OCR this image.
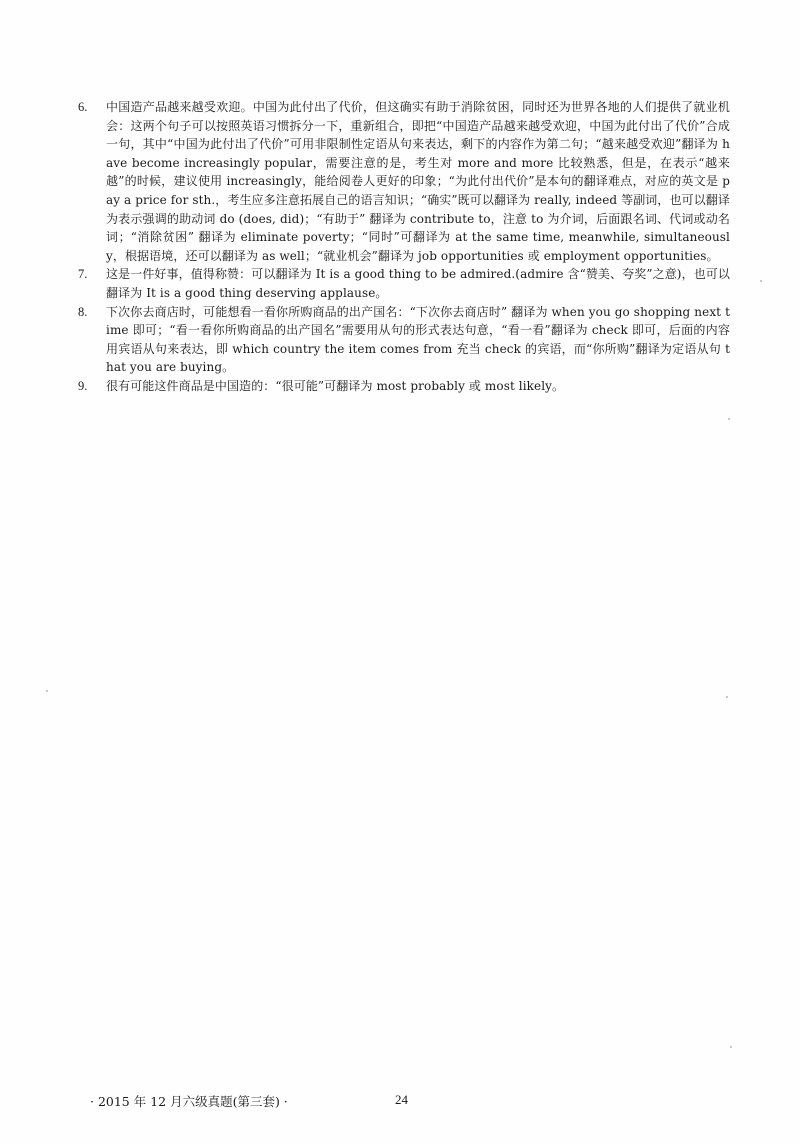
6.	中国造产品越来越受欢迎。中国为此付出了代价，但这确实有助于消除贫困，同时还为世界各地的人们提供了就业机会：这两个句子可以按照英语习惯拆分一下，重新组合，即把“中国造产品越来越受欢迎，中国为此付出了代价”合成一句，其中“中国为此付出了代价”可用非限制性定语从句来表达，剩下的内容作为第二句；“越来越受欢迎”翻译为 have become increasingly popular，需要注意的是，考生对 more and more 比较熟悉，但是，在表示“越来越”的时候，建议使用 increasingly，能给阅卷人更好的印象；“为此付出代价”是本句的翻译难点，对应的英文是 pay a price for sth.，考生应多注意拓展自己的语言知识；“确实”既可以翻译为 really, indeed 等副词，也可以翻译为表示强调的助动词 do (does, did)；“有助于” 翻译为 contribute to，注意 to 为介词，后面跟名词、代词或动名词；“消除贫困” 翻译为 eliminate poverty；“同时”可翻译为 at the same time, meanwhile, simultaneously，根据语境，还可以翻译为 as well；“就业机会”翻译为 job opportunities 或 employment opportunities。
7.	这是一件好事，值得称赞：可以翻译为 It is a good thing to be admired.(admire 含“赞美、夸奖”之意)，也可以翻译为 It is a good thing deserving applause。
8.	下次你去商店时，可能想看一看你所购商品的出产国名：“下次你去商店时” 翻译为 when you go shopping next time 即可；“看一看你所购商品的出产国名”需要用从句的形式表达句意，“看一看”翻译为 check 即可，后面的内容用宾语从句来表达，即 which country the item comes from 充当 check 的宾语，而“你所购”翻译为定语从句 that you are buying。
9.	很有可能这件商品是中国造的：“很可能”可翻译为 most probably 或 most likely。
· 2015 年 12 月六级真题(第三套) ·	24
